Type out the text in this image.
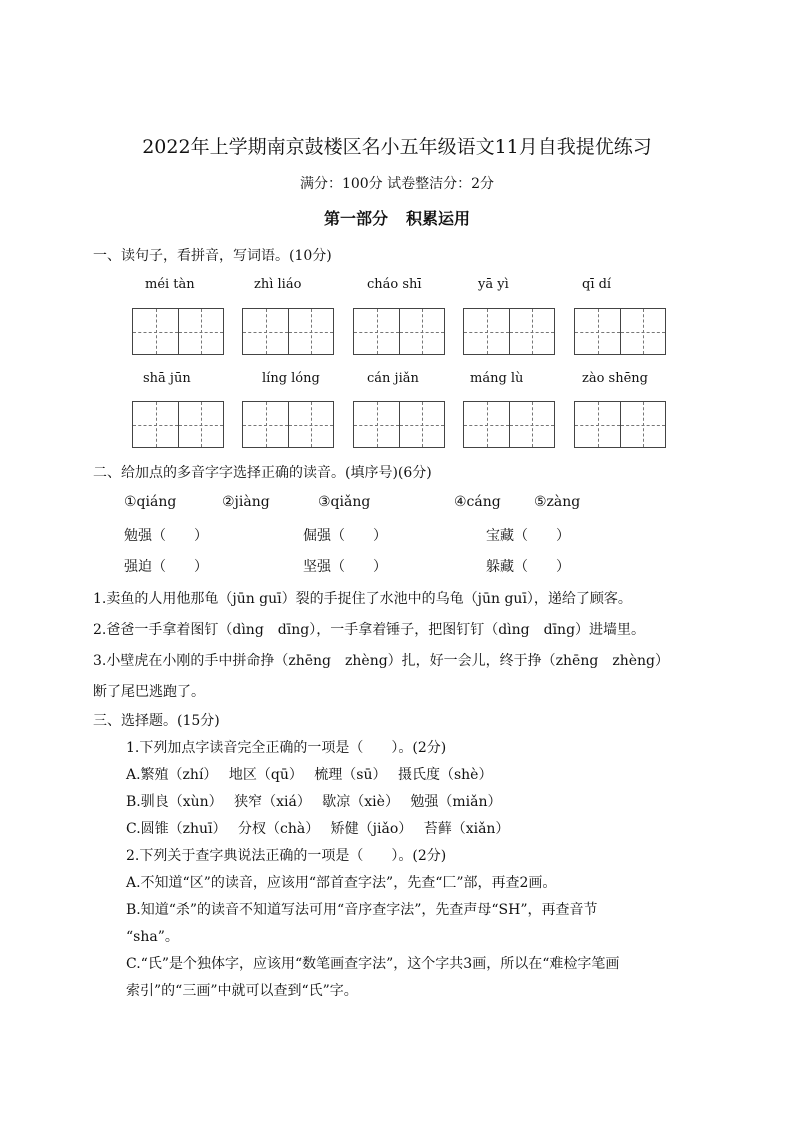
2022年上学期南京鼓楼区名小五年级语文11月自我提优练习
满分：100分 试卷整洁分：2分
第一部分 积累运用
一、读句子，看拼音，写词语。(10分)
méi tàn	zhì liáo	cháo shī	yā yì	qī dí
shā jūn	líng lóng	cán jiǎn	máng lù	zào shēng
二、给加点的多音字字选择正确的读音。(填序号)(6分)
①qiáng	②jiàng	③qiǎng	④cáng ⑤zàng
勉强（　　）	倔强（　　）	宝藏（　　）
强迫（　　）	坚强（　　）	躲藏（　　）
1.卖鱼的人用他那龟（jūn guī）裂的手捉住了水池中的乌龟（jūn guī），递给了顾客。
2.爸爸一手拿着图钉（dìng　dīng），一手拿着锤子，把图钉钉（dìng　dīng）进墙里。
3.小壁虎在小刚的手中拼命挣（zhēng　zhèng）扎，好一会儿，终于挣（zhēng　zhèng）
断了尾巴逃跑了。
三、选择题。(15分)
1.下列加点字读音完全正确的一项是（　　）。(2分)
A.繁殖（zhí）　 地区（qū）　 梳理（sū）　 摄氏度（shè）
B.驯良（xùn）　 狭窄（xiá）　 歇凉（xiè）　 勉强（miǎn）
C.圆锥（zhuī）　 分杈（chà）　 矫健（jiǎo）　 苔藓（xiǎn）
2.下列关于查字典说法正确的一项是（　　）。(2分)
A.不知道“区”的读音，应该用“部首查字法”，先查“匚”部，再查2画。
B.知道“杀”的读音不知道写法可用“音序查字法”，先查声母“SH”，再查音节
“sha”。
C.“氏”是个独体字，应该用“数笔画查字法”，这个字共3画，所以在“难检字笔画
索引”的“三画”中就可以查到“氏”字。
